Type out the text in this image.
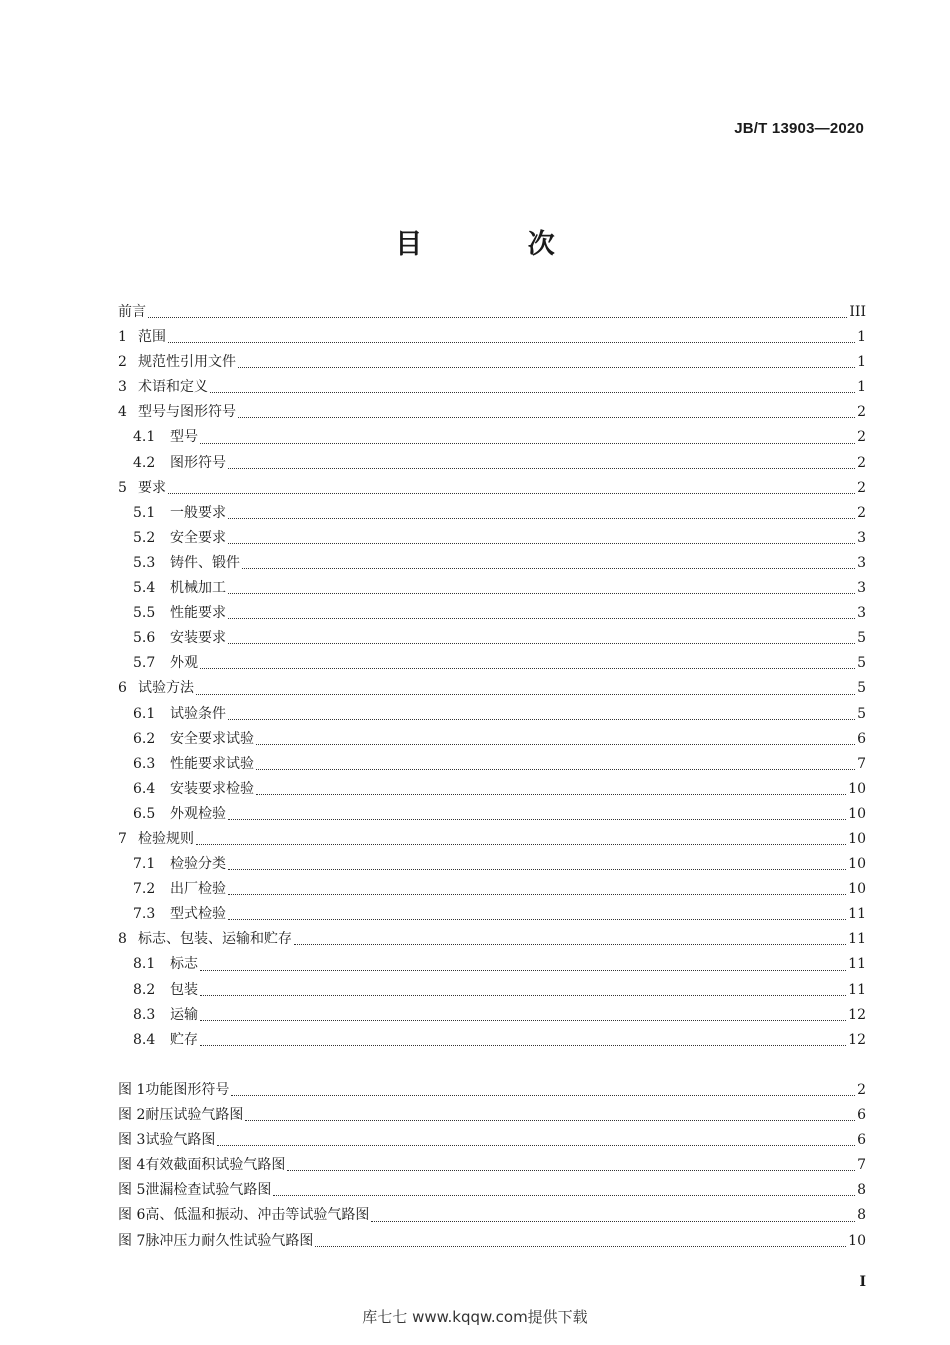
JB/T 13903—2020
目 次
前言	III
1 范围	1
2 规范性引用文件	1
3 术语和定义	1
4 型号与图形符号	2
4.1 型号	2
4.2 图形符号	2
5 要求	2
5.1 一般要求	2
5.2 安全要求	3
5.3 铸件、锻件	3
5.4 机械加工	3
5.5 性能要求	3
5.6 安装要求	5
5.7 外观	5
6 试验方法	5
6.1 试验条件	5
6.2 安全要求试验	6
6.3 性能要求试验	7
6.4 安装要求检验	10
6.5 外观检验	10
7 检验规则	10
7.1 检验分类	10
7.2 出厂检验	10
7.3 型式检验	11
8 标志、包装、运输和贮存	11
8.1 标志	11
8.2 包装	11
8.3 运输	12
8.4 贮存	12
图 1功能图形符号	2
图 2耐压试验气路图	6
图 3试验气路图	6
图 4有效截面积试验气路图	7
图 5泄漏检查试验气路图	8
图 6高、低温和振动、冲击等试验气路图	8
图 7脉冲压力耐久性试验气路图	10
I
库七七 www.kqqw.com提供下载
